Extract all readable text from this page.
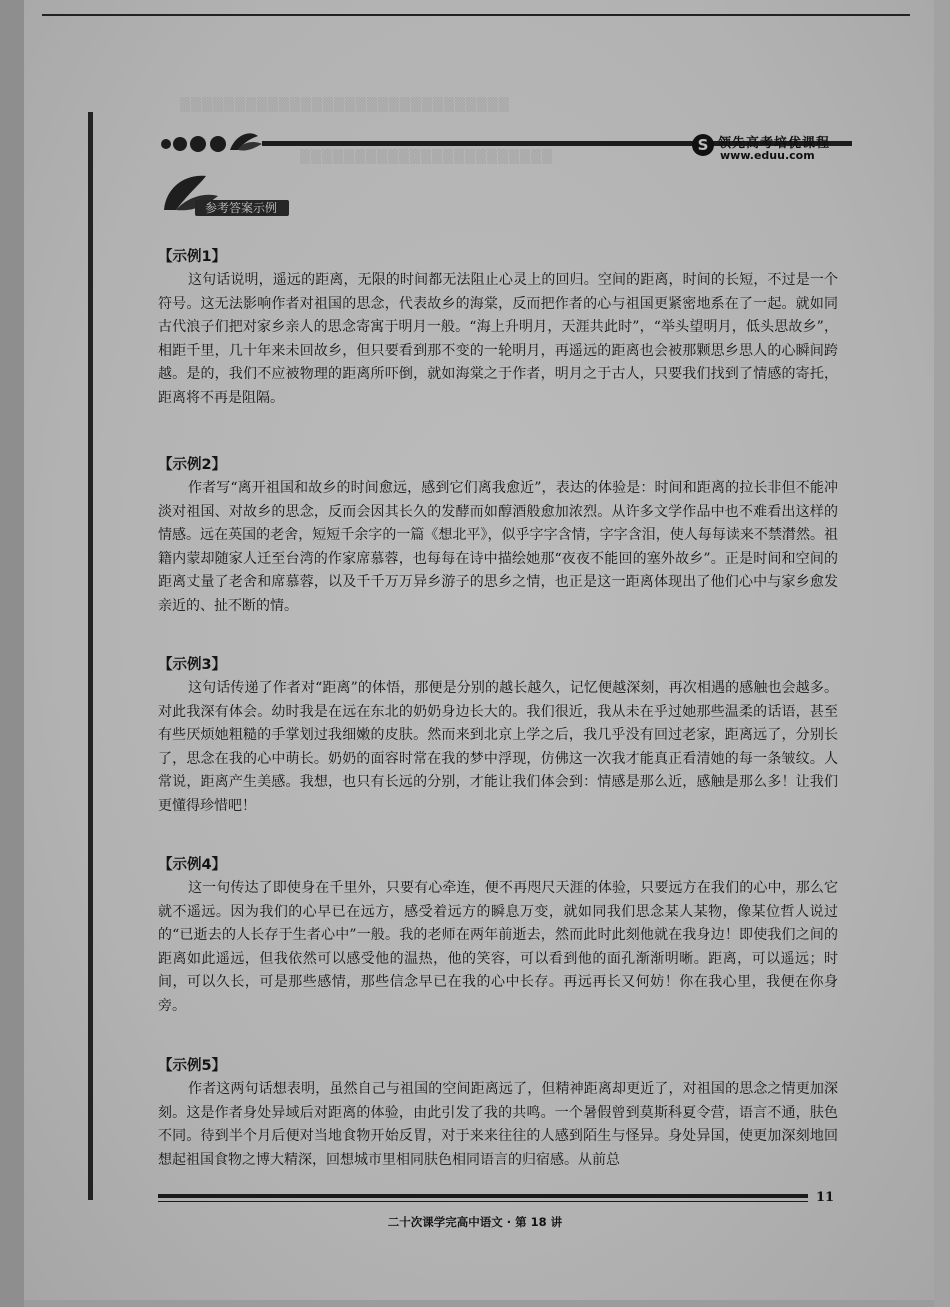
▒▒▒▒▒▒▒▒▒▒▒▒▒▒▒▒▒▒▒▒▒▒▒▒▒▒▒▒▒▒
▒▒▒▒▒▒▒▒▒▒▒▒▒▒▒▒▒▒▒▒▒▒▒
S 领先高考培优课程
www.eduu.com
参考答案示例
【示例1】

这句话说明，遥远的距离，无限的时间都无法阻止心灵上的回归。空间的距离，时间的长短，不过是一个符号。这无法影响作者对祖国的思念，代表故乡的海棠，反而把作者的心与祖国更紧密地系在了一起。就如同古代浪子们把对家乡亲人的思念寄寓于明月一般。“海上升明月，天涯共此时”，“举头望明月，低头思故乡”，相距千里，几十年来未回故乡，但只要看到那不变的一轮明月，再遥远的距离也会被那颗思乡思人的心瞬间跨越。是的，我们不应被物理的距离所吓倒，就如海棠之于作者，明月之于古人，只要我们找到了情感的寄托，距离将不再是阻隔。

【示例2】

作者写“离开祖国和故乡的时间愈远，感到它们离我愈近”，表达的体验是：时间和距离的拉长非但不能冲淡对祖国、对故乡的思念，反而会因其长久的发酵而如醇酒般愈加浓烈。从许多文学作品中也不难看出这样的情感。远在英国的老舍，短短千余字的一篇《想北平》，似乎字字含情，字字含泪，使人每每读来不禁潸然。祖籍内蒙却随家人迁至台湾的作家席慕蓉，也每每在诗中描绘她那“夜夜不能回的塞外故乡”。正是时间和空间的距离丈量了老舍和席慕蓉，以及千千万万异乡游子的思乡之情，也正是这一距离体现出了他们心中与家乡愈发亲近的、扯不断的情。

【示例3】

这句话传递了作者对“距离”的体悟，那便是分别的越长越久，记忆便越深刻，再次相遇的感触也会越多。对此我深有体会。幼时我是在远在东北的奶奶身边长大的。我们很近，我从未在乎过她那些温柔的话语，甚至有些厌烦她粗糙的手掌划过我细嫩的皮肤。然而来到北京上学之后，我几乎没有回过老家，距离远了，分别长了，思念在我的心中萌长。奶奶的面容时常在我的梦中浮现，仿佛这一次我才能真正看清她的每一条皱纹。人常说，距离产生美感。我想，也只有长远的分别，才能让我们体会到：情感是那么近，感触是那么多！让我们更懂得珍惜吧！

【示例4】

这一句传达了即使身在千里外，只要有心牵连，便不再咫尺天涯的体验，只要远方在我们的心中，那么它就不遥远。因为我们的心早已在远方，感受着远方的瞬息万变，就如同我们思念某人某物，像某位哲人说过的“已逝去的人长存于生者心中”一般。我的老师在两年前逝去，然而此时此刻他就在我身边！即使我们之间的距离如此遥远，但我依然可以感受他的温热，他的笑容，可以看到他的面孔渐渐明晰。距离，可以遥远；时间，可以久长，可是那些感情，那些信念早已在我的心中长存。再远再长又何妨！你在我心里，我便在你身旁。

【示例5】

作者这两句话想表明，虽然自己与祖国的空间距离远了，但精神距离却更近了，对祖国的思念之情更加深刻。这是作者身处异域后对距离的体验，由此引发了我的共鸣。一个暑假曾到莫斯科夏令营，语言不通，肤色不同。待到半个月后便对当地食物开始反胃，对于来来往往的人感到陌生与怪异。身处异国，使更加深刻地回想起祖国食物之博大精深，回想城市里相同肤色相同语言的归宿感。从前总

11
二十次课学完高中语文 · 第 18 讲
